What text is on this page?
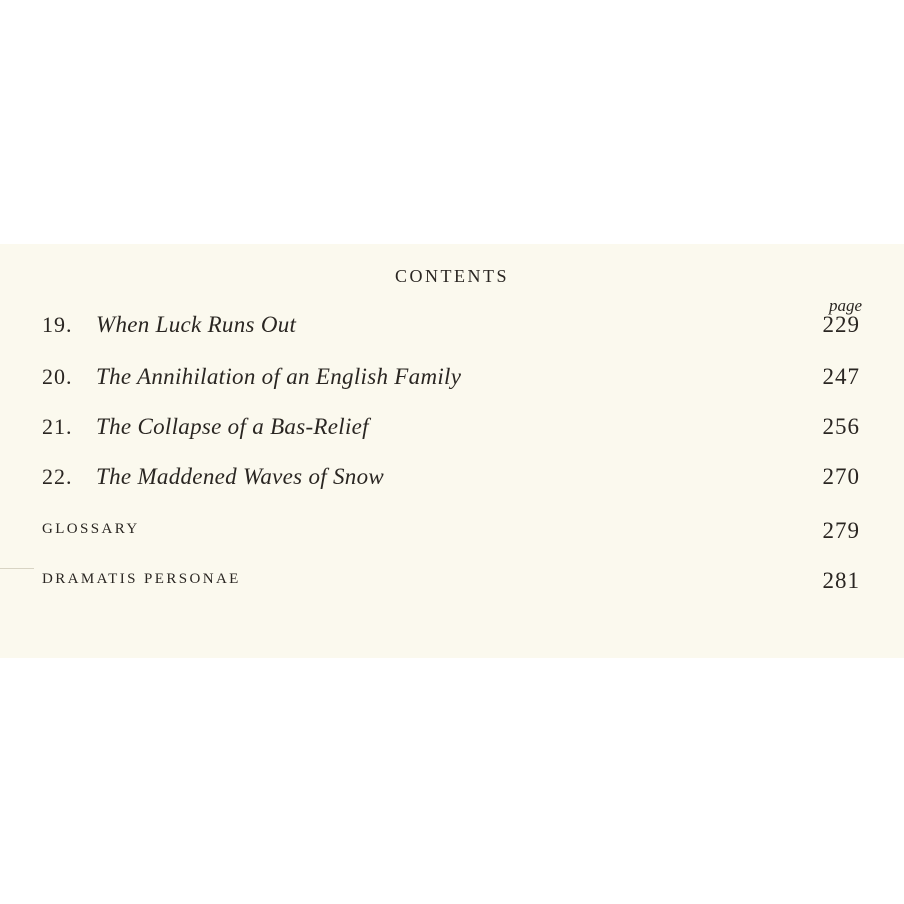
CONTENTS
page
19. When Luck Runs Out	229
20. The Annihilation of an English Family	247
21. The Collapse of a Bas-Relief	256
22. The Maddened Waves of Snow	270
GLOSSARY	279
DRAMATIS PERSONAE	281
